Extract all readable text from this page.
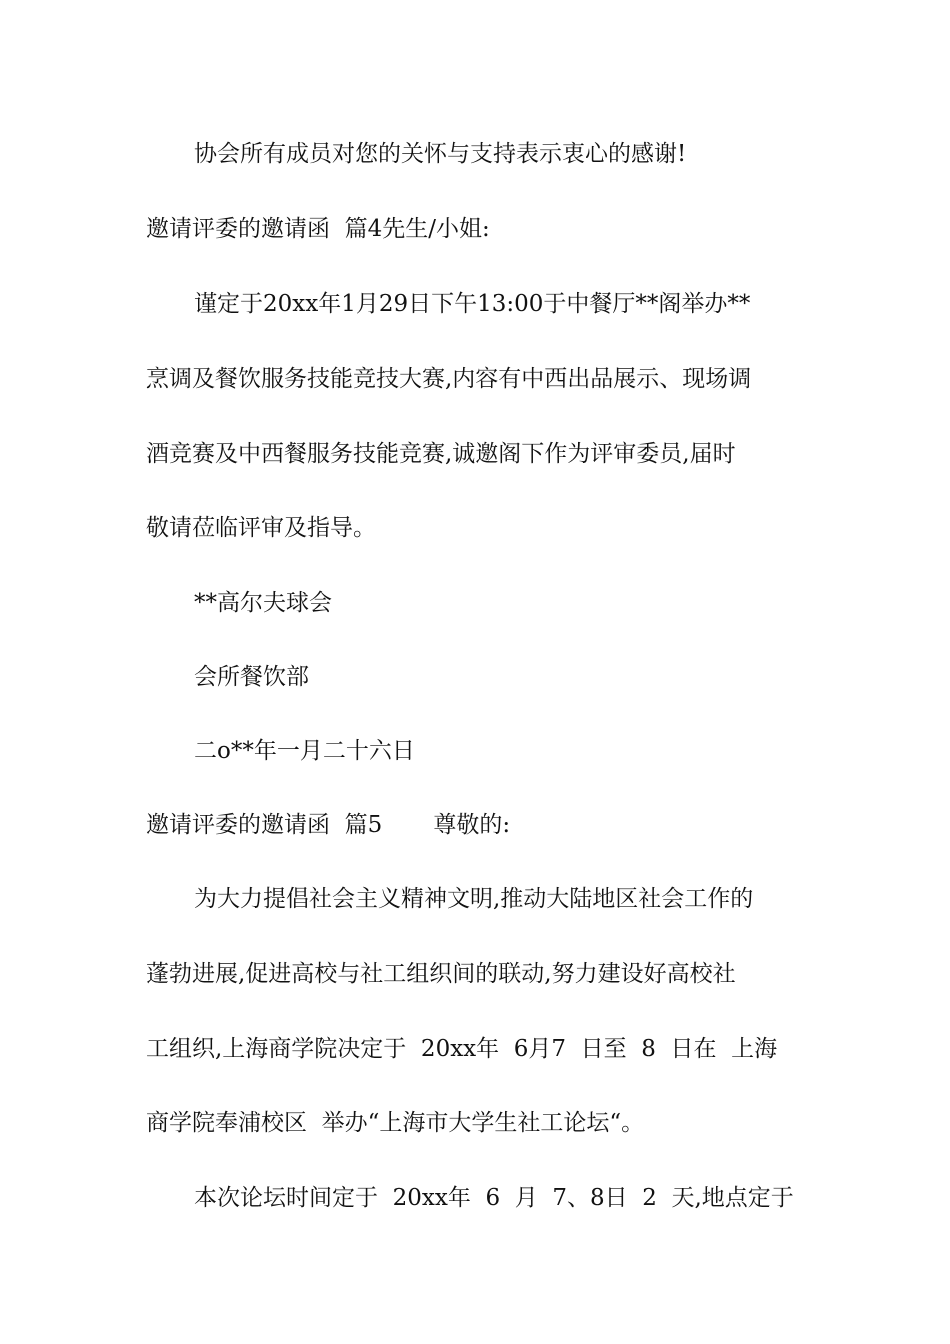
协会所有成员对您的关怀与支持表示衷心的感谢!
邀请评委的邀请函  篇4先生/小姐:
谨定于20xx年1月29日下午13:00于中餐厅**阁举办**
烹调及餐饮服务技能竞技大赛,内容有中西出品展示、现场调
酒竞赛及中西餐服务技能竞赛,诚邀阁下作为评审委员,届时
敬请莅临评审及指导。
**高尔夫球会
会所餐饮部
二o**年一月二十六日
邀请评委的邀请函  篇5       尊敬的:
为大力提倡社会主义精神文明,推动大陆地区社会工作的
蓬勃进展,促进高校与社工组织间的联动,努力建设好高校社
工组织,上海商学院决定于  20xx年  6月7  日至  8  日在  上海
商学院奉浦校区  举办“上海市大学生社工论坛“。
本次论坛时间定于  20xx年  6  月  7、8日  2  天,地点定于
